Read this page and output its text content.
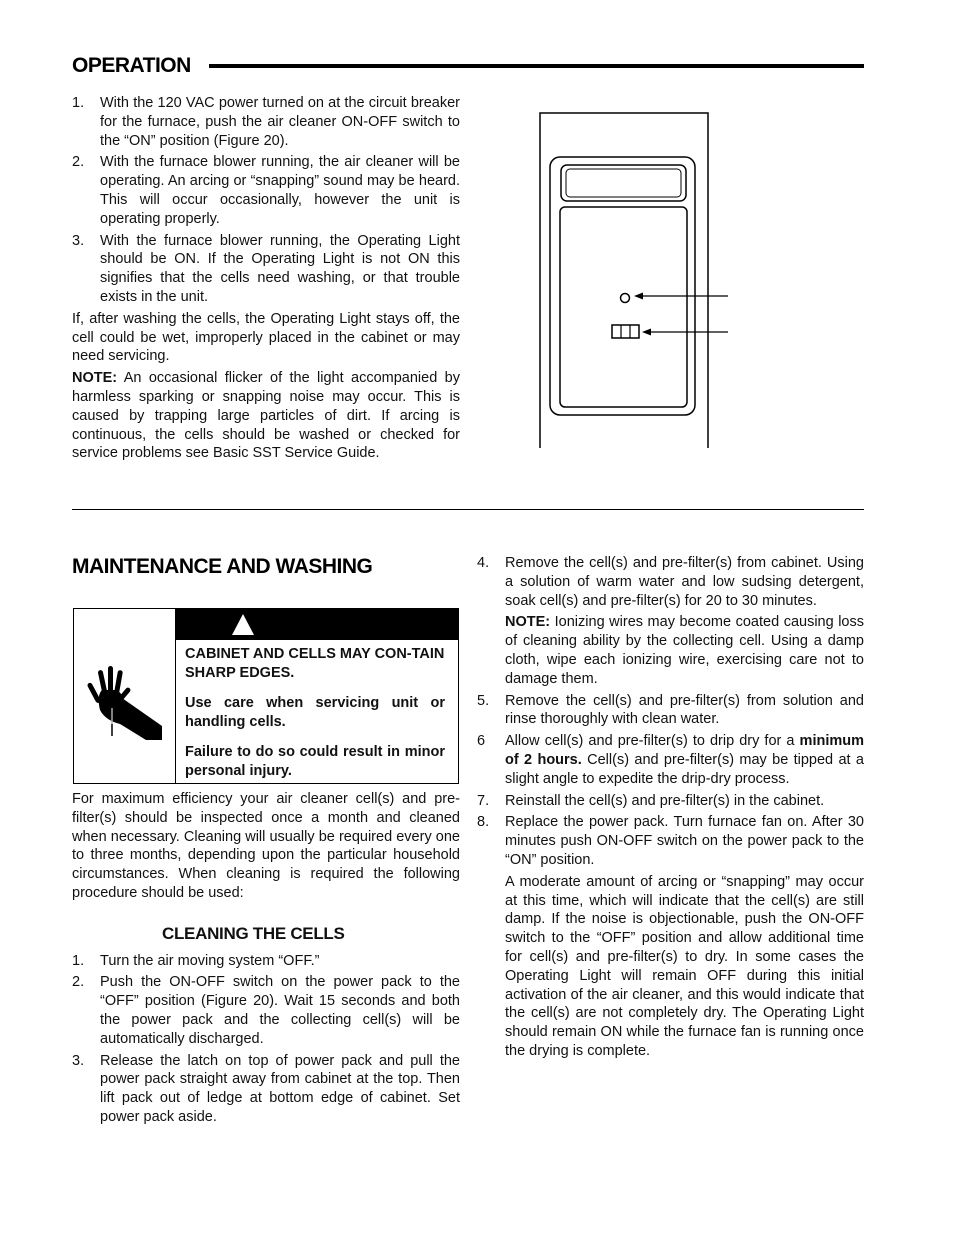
OPERATION
1. With the 120 VAC power turned on at the circuit breaker for the furnace, push the air cleaner ON-OFF switch to the “ON” position (Figure 20).
2. With the furnace blower running, the air cleaner will be operating. An arcing or “snapping” sound may be heard. This will occur occasionally, however the unit is operating properly.
3. With the furnace blower running, the Operating Light should be ON. If the Operating Light is not ON this signifies that the cells need washing, or that trouble exists in the unit.

If, after washing the cells, the Operating Light stays off, the cell could be wet, improperly placed in the cabinet or may need servicing.

NOTE: An occasional flicker of the light accompanied by harmless sparking or snapping noise may occur. This is caused by trapping large particles of dirt. If arcing is continuous, the cells should be washed or checked for service problems see Basic SST Service Guide.

MAINTENANCE AND WASHING

CABINET AND CELLS MAY CON-TAIN SHARP EDGES.

Use care when servicing unit or handling cells.

Failure to do so could result in minor personal injury.

For maximum efficiency your air cleaner cell(s) and pre-filter(s) should be inspected once a month and cleaned when necessary. Cleaning will usually be required every one to three months, depending upon the particular household circumstances. When cleaning is required the following procedure should be used:

CLEANING THE CELLS
1. Turn the air moving system “OFF.”
2. Push the ON-OFF switch on the power pack to the “OFF” position (Figure 20). Wait 15 seconds and both the power pack and the collecting cell(s) will be automatically discharged.
3. Release the latch on top of power pack and pull the power pack straight away from cabinet at the top. Then lift pack out of ledge at bottom edge of cabinet. Set power pack aside.
4. Remove the cell(s) and pre-filter(s) from cabinet. Using a solution of warm water and low sudsing detergent, soak cell(s) and pre-filter(s) for 20 to 30 minutes.

NOTE: Ionizing wires may become coated causing loss of cleaning ability by the collecting cell. Using a damp cloth, wipe each ionizing wire, exercising care not to damage them.

5. Remove the cell(s) and pre-filter(s) from solution and rinse thoroughly with clean water.
6 Allow cell(s) and pre-filter(s) to drip dry for a minimum of 2 hours. Cell(s) and pre-filter(s) may be tipped at a slight angle to expedite the drip-dry process.
7. Reinstall the cell(s) and pre-filter(s) in the cabinet.
8. Replace the power pack. Turn furnace fan on. After 30 minutes push ON-OFF switch on the power pack to the “ON” position.

A moderate amount of arcing or “snapping” may occur at this time, which will indicate that the cell(s) are still damp. If the noise is objectionable, push the ON-OFF switch to the “OFF” position and allow additional time for cell(s) and pre-filter(s) to dry. In some cases the Operating Light will remain OFF during this initial activation of the air cleaner, and this would indicate that the cell(s) are not completely dry. The Operating Light should remain ON while the furnace fan is running once the drying is complete.
